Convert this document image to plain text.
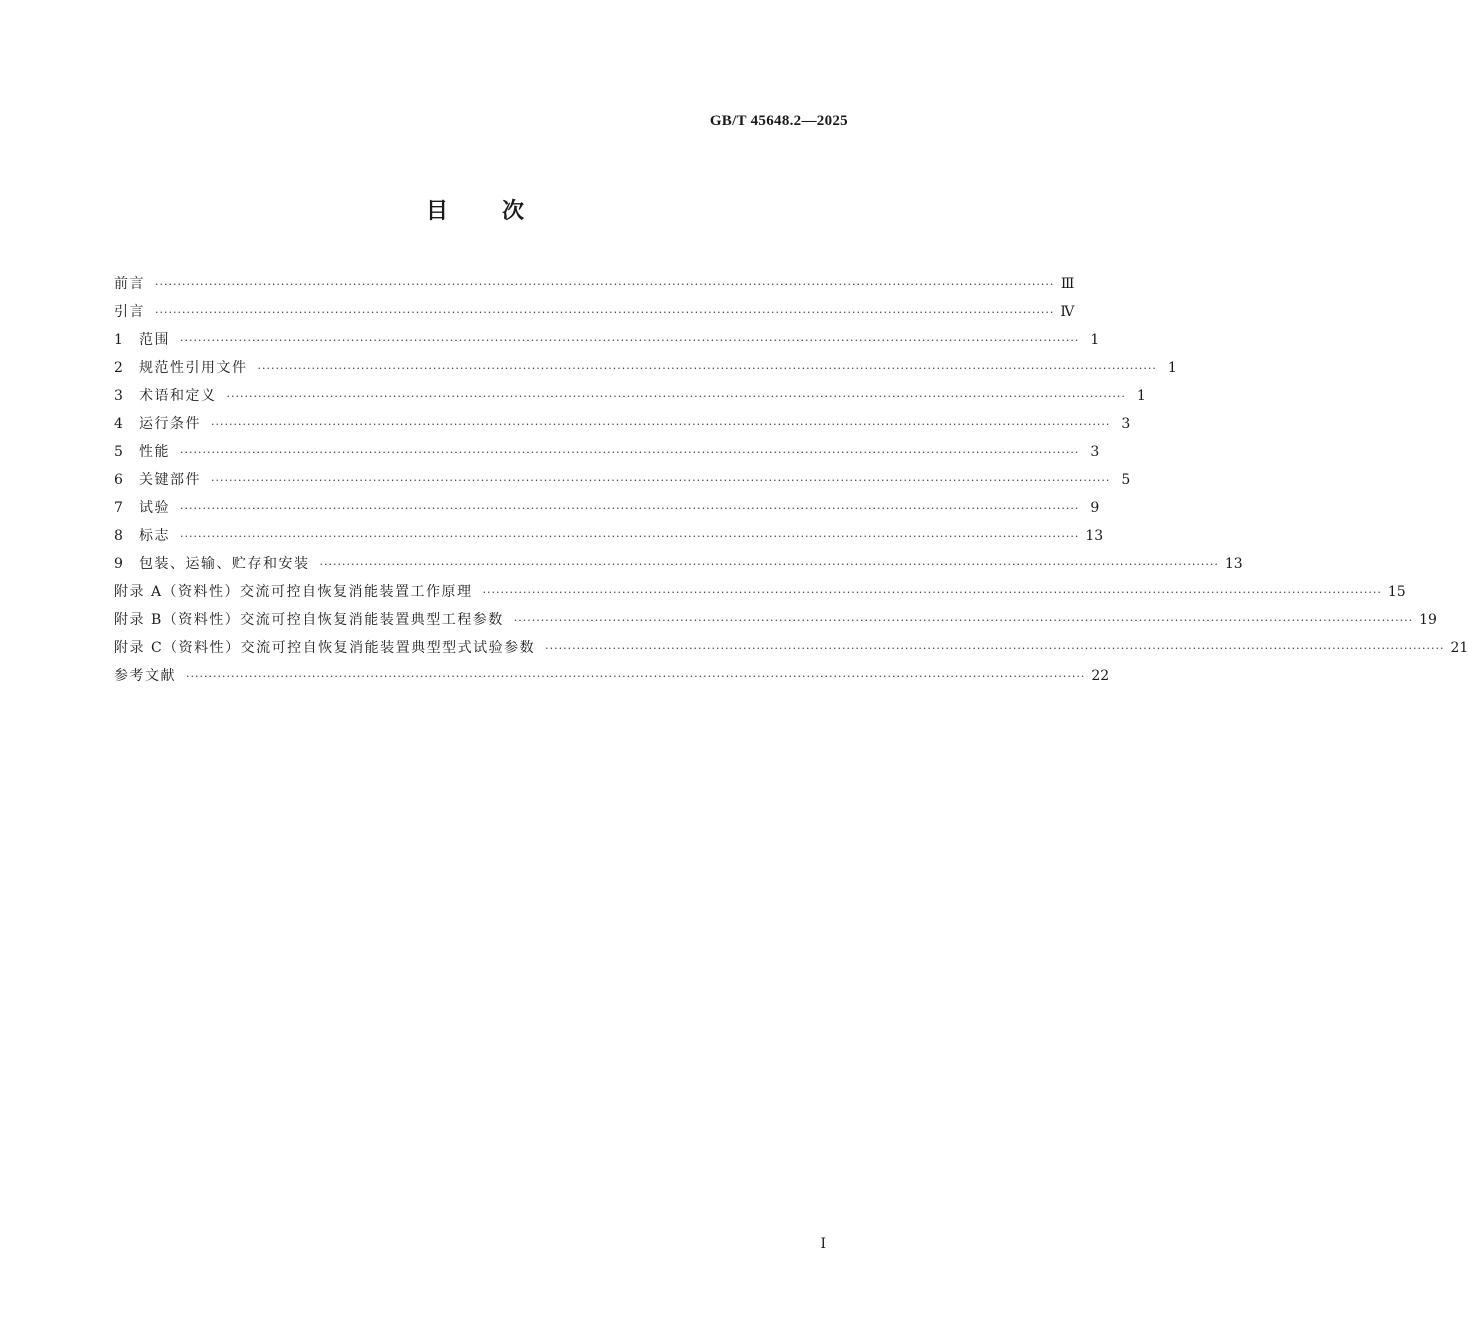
GB/T 45648.2—2025
目 次
前言 ········································································································································································································ Ⅲ
引言 ········································································································································································································ Ⅳ
1	范围 ········································································································································································································ 1
2	规范性引用文件 ········································································································································································································ 1
3	术语和定义 ········································································································································································································ 1
4	运行条件 ········································································································································································································ 3
5	性能 ········································································································································································································ 3
6	关键部件 ········································································································································································································ 5
7	试验 ········································································································································································································ 9
8	标志 ········································································································································································································ 13
9	包装、运输、贮存和安装 ········································································································································································································ 13
附录 A（资料性）交流可控自恢复消能装置工作原理 ········································································································································································································ 15
附录 B（资料性）交流可控自恢复消能装置典型工程参数 ········································································································································································································ 19
附录 C（资料性）交流可控自恢复消能装置典型型式试验参数 ········································································································································································································ 21
参考文献 ········································································································································································································ 22
I
